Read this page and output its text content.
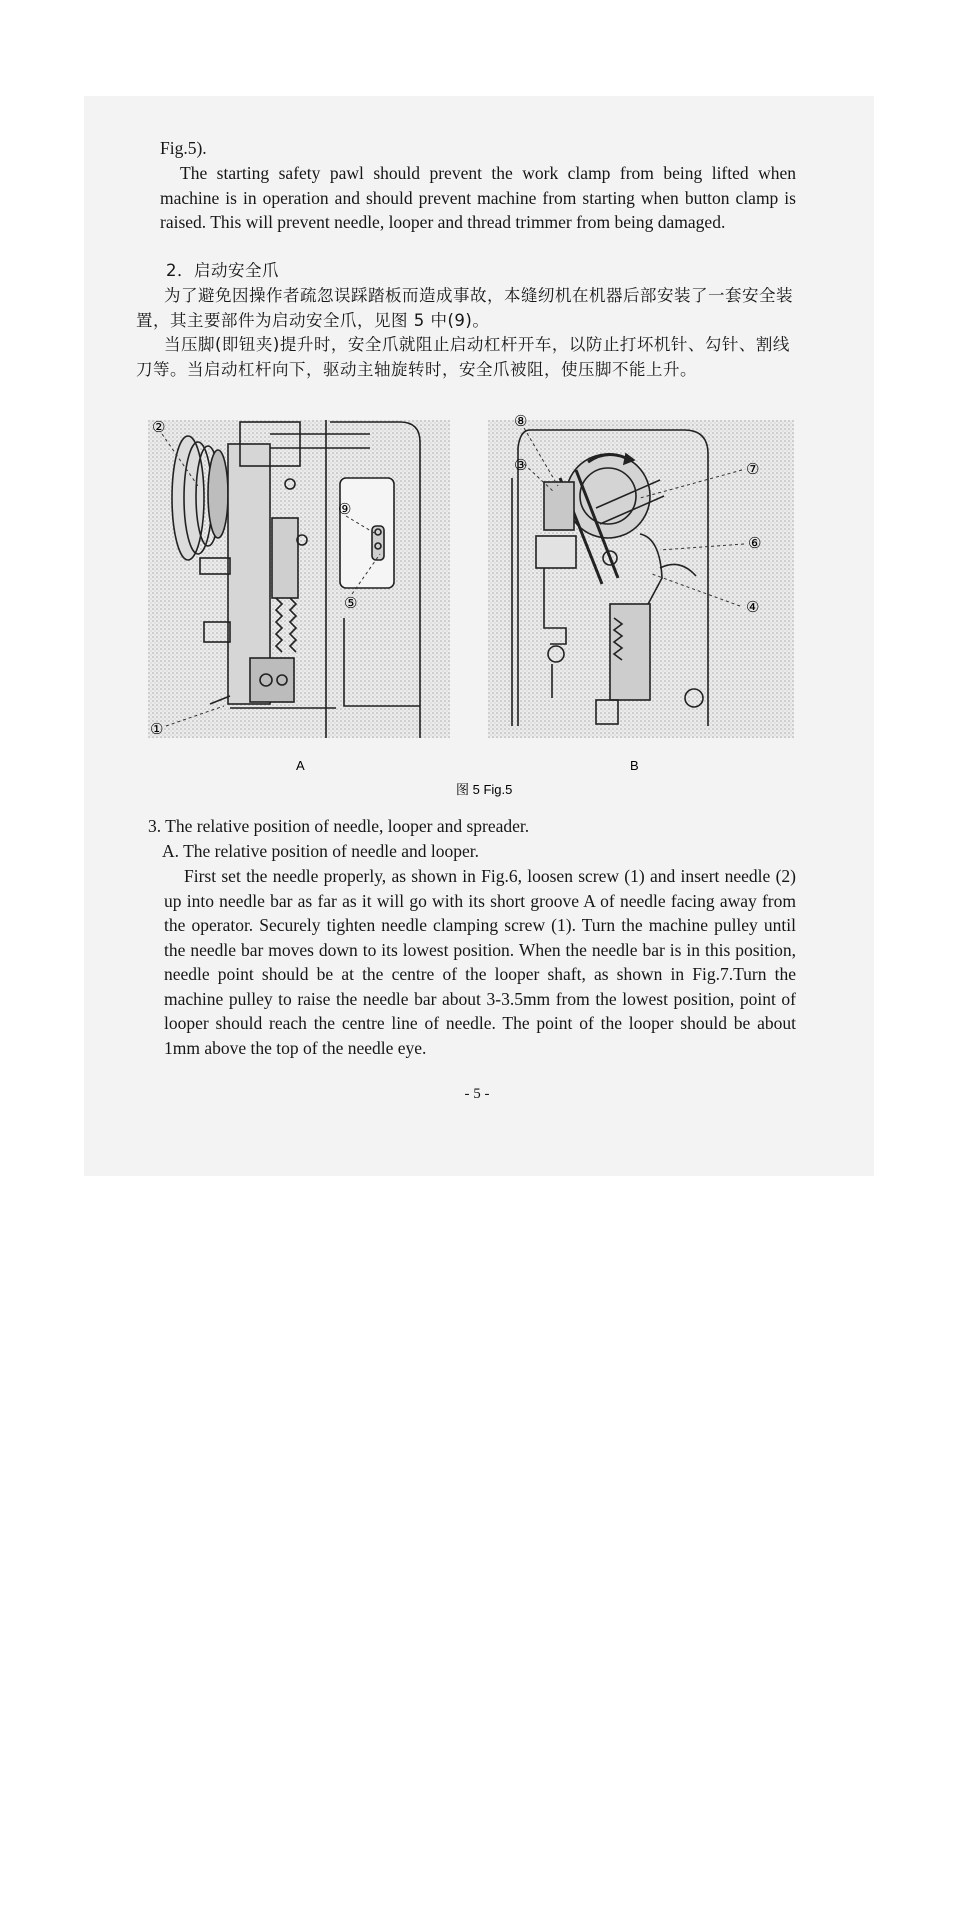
Fig.5).

The starting safety pawl should prevent the work clamp from being lifted when machine is in operation and should prevent machine from starting when button clamp is raised. This will prevent needle, looper and thread trimmer from being damaged.

2．启动安全爪

为了避免因操作者疏忽误踩踏板而造成事故，本缝纫机在机器后部安装了一套安全装置，其主要部件为启动安全爪，见图 5 中(9)。

当压脚(即钮夹)提升时，安全爪就阻止启动杠杆开车，以防止打坏机针、勾针、割线刀等。当启动杠杆向下，驱动主轴旋转时，安全爪被阻，使压脚不能上升。

②
⑨
⑤
①
⑧
③	⑦
⑥
④
A	B
图 5 Fig.5

3. The relative position of needle, looper and spreader.

A. The relative position of needle and looper.

First set the needle properly, as shown in Fig.6, loosen screw (1) and insert needle (2) up into needle bar as far as it will go with its short groove A of needle facing away from the operator. Securely tighten needle clamping screw (1). Turn the machine pulley until the needle bar moves down to its lowest position. When the needle bar is in this position, needle point should be at the centre of the looper shaft, as shown in Fig.7.Turn the machine pulley to raise the needle bar about 3-3.5mm from the lowest position, point of looper should reach the centre line of needle. The point of the looper should be about 1mm above the top of the needle eye.

- 5 -
